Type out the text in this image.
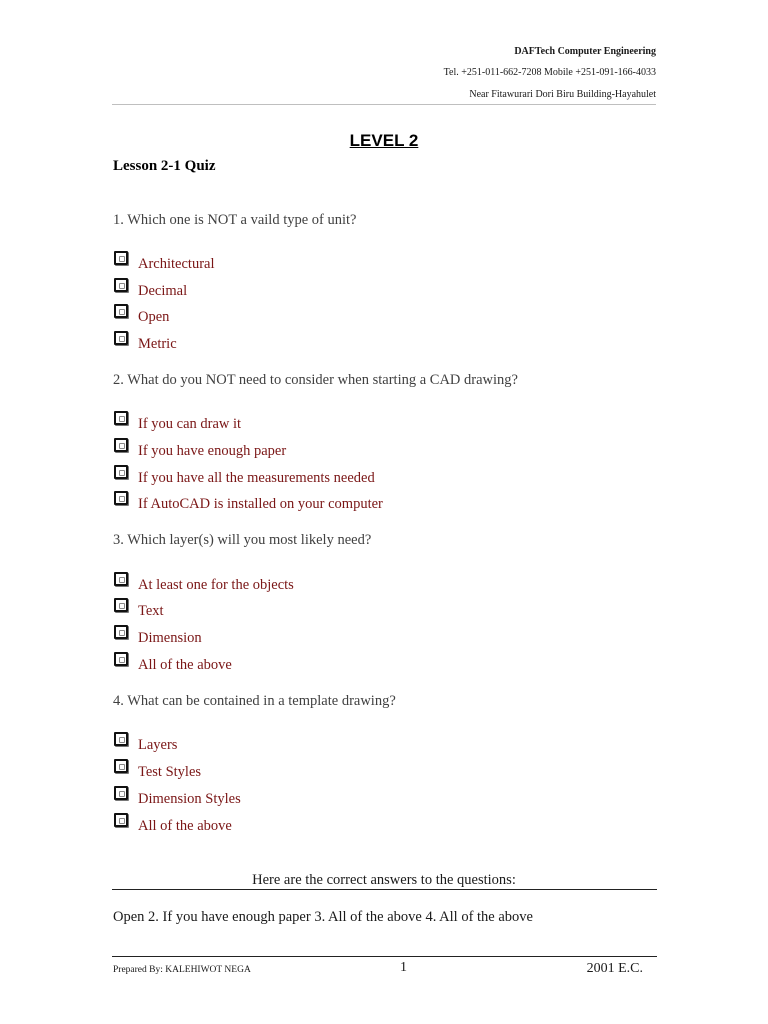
DAFTech Computer Engineering
Tel. +251-011-662-7208 Mobile +251-091-166-4033
Near Fitawurari Dori Biru Building-Hayahulet
LEVEL 2
Lesson 2-1 Quiz
1. Which one is NOT a vaild type of unit?
Architectural
Decimal
Open
Metric
2. What do you NOT need to consider when starting a CAD drawing?
If you can draw it
If you have enough paper
If you have all the measurements needed
If AutoCAD is installed on your computer
3. Which layer(s) will you most likely need?
At least one for the objects
Text
Dimension
All of the above
4. What can be contained in a template drawing?
Layers
Test Styles
Dimension Styles
All of the above
Here are the correct answers to the questions:
Open 2. If you have enough paper 3. All of the above 4. All of the above
Prepared By: KALEHIWOT NEGA	1	2001 E.C.
